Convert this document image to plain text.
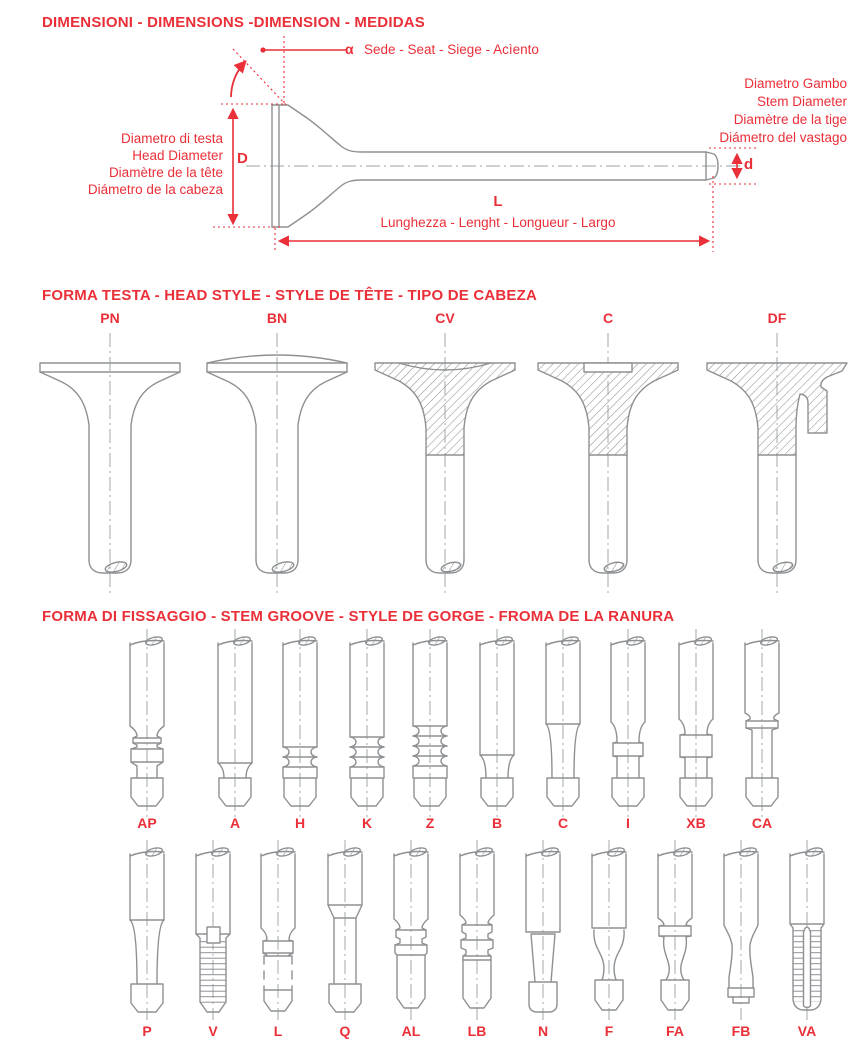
DIMENSIONI - DIMENSIONS -DIMENSION - MEDIDAS
α Sede - Seat - Siege - Acìento
Diametro Gambo
Stem Diameter
Diamètre de la tige
Diámetro del vastago
Diametro di testa
Head Diameter
Diamètre de la tête
Diámetro de la cabeza
D	d
L
Lunghezza - Lenght - Longueur - Largo
FORMA TESTA - HEAD STYLE - STYLE DE TÊTE - TIPO DE CABEZA
PN	BN	CV	C	DF
FORMA DI FISSAGGIO - STEM GROOVE - STYLE DE GORGE - FROMA DE LA RANURA
AP	A	H	K	Z	B	C	I	XB	CA
P	V	L	Q	AL	LB	N	F	FA	FB	VA
